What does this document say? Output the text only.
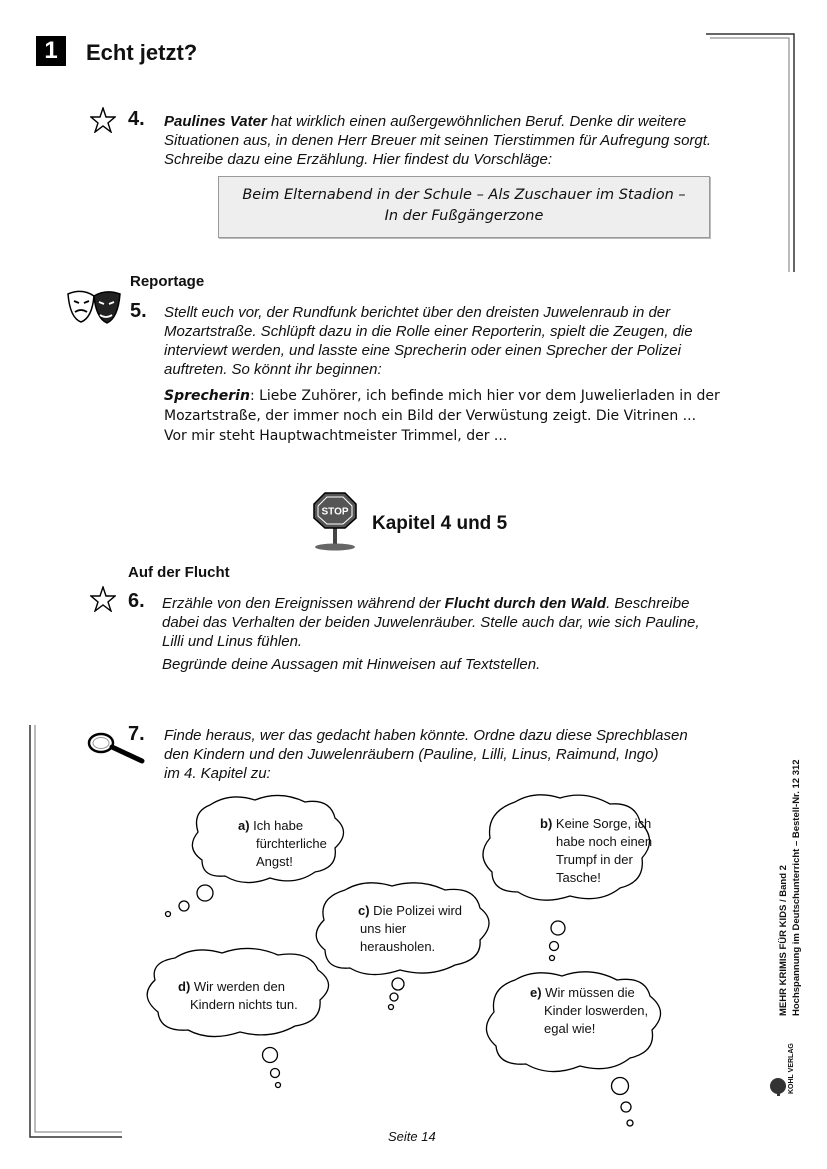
1	Echt jetzt?
4. Paulines Vater hat wirklich einen außergewöhnlichen Beruf. Denke dir weitere
Situationen aus, in denen Herr Breuer mit seinen Tierstimmen für Aufregung sorgt.
Schreibe dazu eine Erzählung. Hier findest du Vorschläge:

Beim Elternabend in der Schule – Als Zuschauer im Stadion –
In der Fußgängerzone

Reportage
5. Stellt euch vor, der Rundfunk berichtet über den dreisten Juwelenraub in der
Mozartstraße. Schlüpft dazu in die Rolle einer Reporterin, spielt die Zeugen, die
interviewt werden, und lasste eine Sprecherin oder einen Sprecher der Polizei
auftreten. So könnt ihr beginnen:
Sprecherin: Liebe Zuhörer, ich befinde mich hier vor dem Juwelierladen in der
Mozartstraße, der immer noch ein Bild der Verwüstung zeigt. Die Vitrinen ...
Vor mir steht Hauptwachtmeister Trimmel, der ...
STOP
Kapitel 4 und 5
Auf der Flucht
6. Erzähle von den Ereignissen während der Flucht durch den Wald. Beschreibe
dabei das Verhalten der beiden Juwelenräuber. Stelle auch dar, wie sich Pauline,
Lilli und Linus fühlen.
Begründe deine Aussagen mit Hinweisen auf Textstellen.
7. Finde heraus, wer das gedacht haben könnte. Ordne dazu diese Sprechblasen
den Kindern und den Juwelenräubern (Pauline, Lilli, Linus, Raimund, Ingo)
im 4. Kapitel zu:
a) Ich habe
fürchterliche
Angst!
b) Keine Sorge, ich
habe noch einen
Trumpf in der
Tasche!
c) Die Polizei wird
uns hier
herausholen.
d) Wir werden den
Kindern nichts tun.
e) Wir müssen die
Kinder loswerden,
egal wie!
MEHR KRIMIS FÜR KIDS / Band 2 Hochspannung im Deutschunterricht – Bestell-Nr. 12 312
KOHL VERLAG
Seite 14
